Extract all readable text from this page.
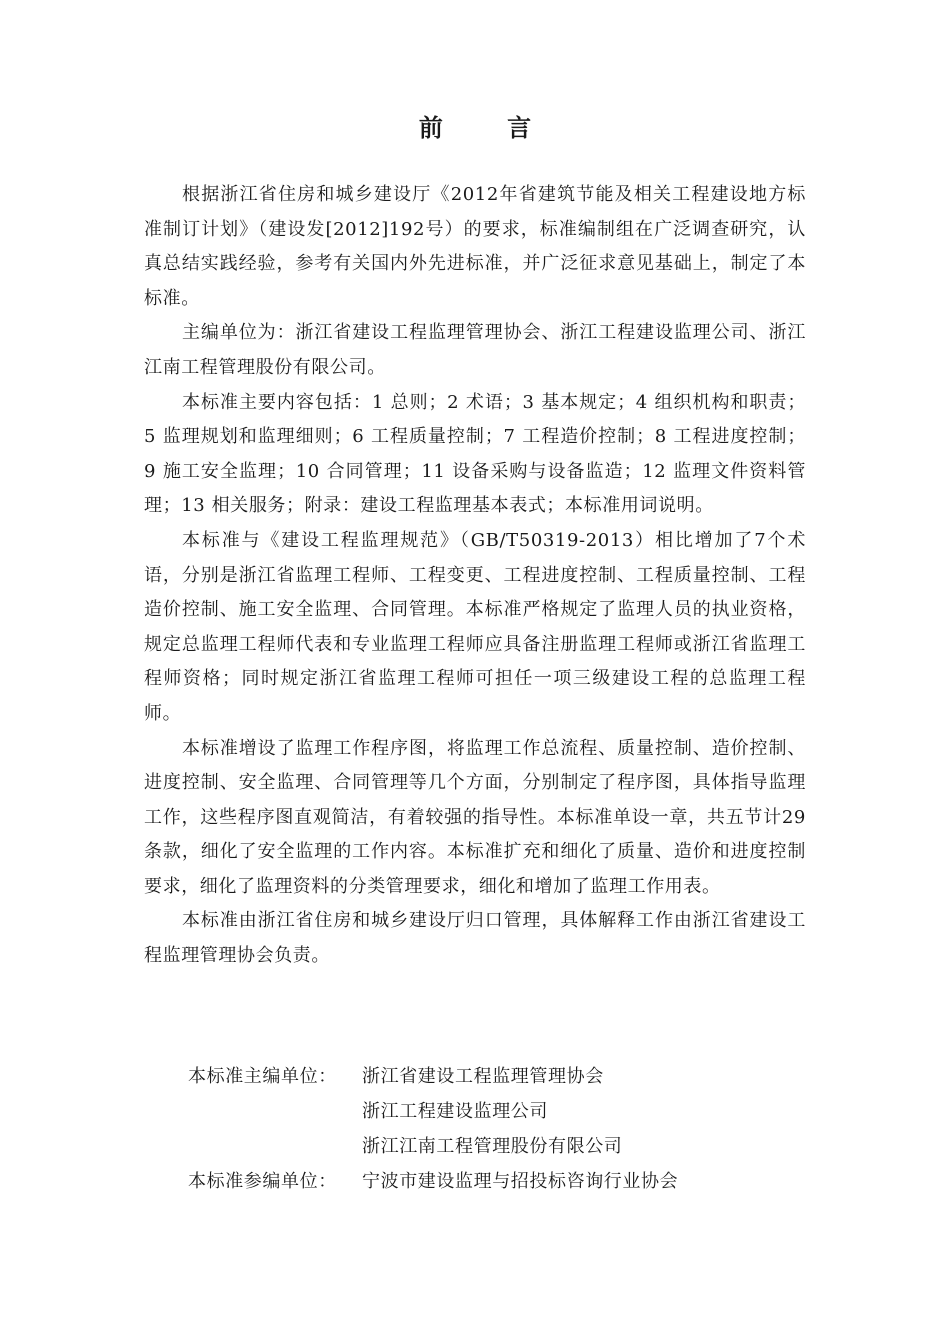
前 言

根据浙江省住房和城乡建设厅《2012年省建筑节能及相关工程建设地方标准制订计划》（建设发[2012]192号）的要求，标准编制组在广泛调查研究，认真总结实践经验，参考有关国内外先进标准，并广泛征求意见基础上，制定了本标准。

主编单位为：浙江省建设工程监理管理协会、浙江工程建设监理公司、浙江江南工程管理股份有限公司。

本标准主要内容包括：1 总则；2 术语；3 基本规定；4 组织机构和职责；5 监理规划和监理细则；6 工程质量控制；7 工程造价控制；8 工程进度控制；9 施工安全监理；10 合同管理；11 设备采购与设备监造；12 监理文件资料管理；13 相关服务；附录：建设工程监理基本表式；本标准用词说明。

本标准与《建设工程监理规范》（GB/T50319-2013）相比增加了7个术语，分别是浙江省监理工程师、工程变更、工程进度控制、工程质量控制、工程造价控制、施工安全监理、合同管理。本标准严格规定了监理人员的执业资格，规定总监理工程师代表和专业监理工程师应具备注册监理工程师或浙江省监理工程师资格；同时规定浙江省监理工程师可担任一项三级建设工程的总监理工程师。

本标准增设了监理工作程序图，将监理工作总流程、质量控制、造价控制、进度控制、安全监理、合同管理等几个方面，分别制定了程序图，具体指导监理工作，这些程序图直观简洁，有着较强的指导性。本标准单设一章，共五节计29条款，细化了安全监理的工作内容。本标准扩充和细化了质量、造价和进度控制要求，细化了监理资料的分类管理要求，细化和增加了监理工作用表。

本标准由浙江省住房和城乡建设厅归口管理，具体解释工作由浙江省建设工程监理管理协会负责。

本标准主编单位： 浙江省建设工程监理管理协会
浙江工程建设监理公司
浙江江南工程管理股份有限公司
本标准参编单位： 宁波市建设监理与招投标咨询行业协会
